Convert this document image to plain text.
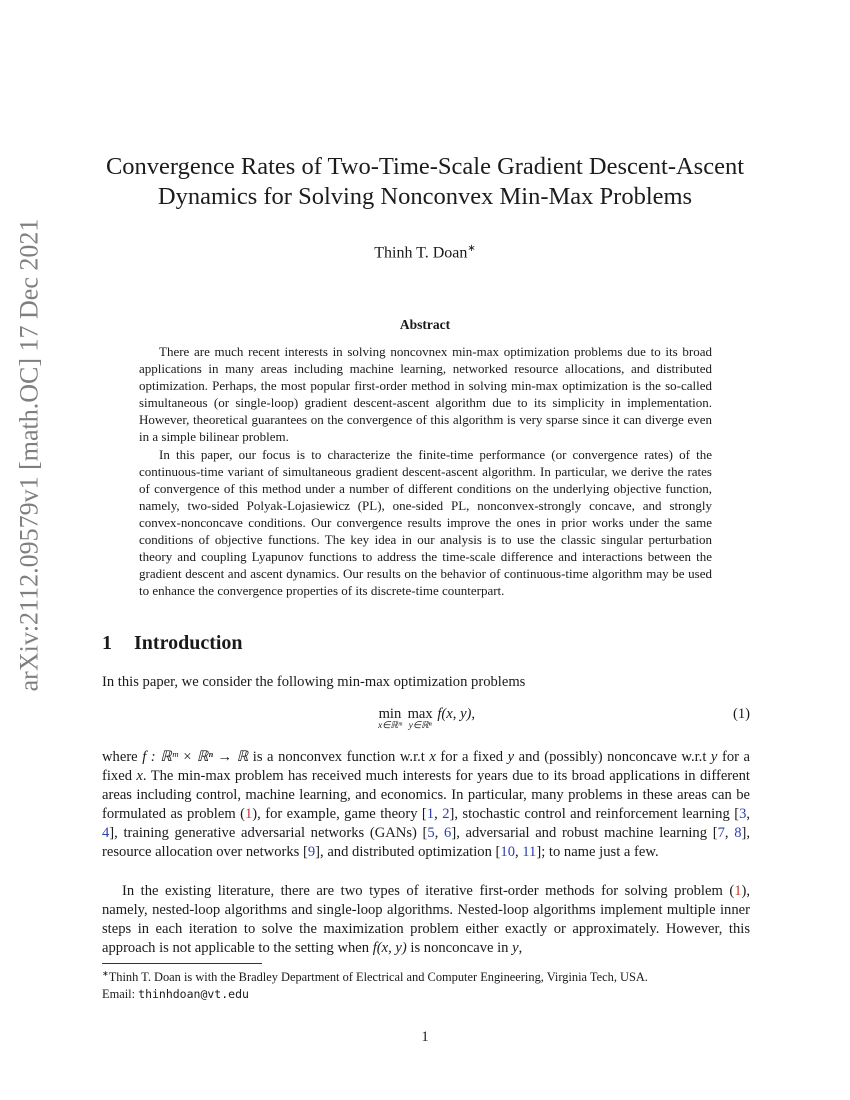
arXiv:2112.09579v1 [math.OC] 17 Dec 2021
Convergence Rates of Two-Time-Scale Gradient Descent-Ascent
Dynamics for Solving Nonconvex Min-Max Problems
Thinh T. Doan∗
Abstract

There are much recent interests in solving noncovnex min-max optimization problems due to its broad applications in many areas including machine learning, networked resource allocations, and distributed optimization. Perhaps, the most popular first-order method in solving min-max optimization is the so-called simultaneous (or single-loop) gradient descent-ascent algorithm due to its simplicity in implementation. However, theoretical guarantees on the convergence of this algorithm is very sparse since it can diverge even in a simple bilinear problem.

In this paper, our focus is to characterize the finite-time performance (or convergence rates) of the continuous-time variant of simultaneous gradient descent-ascent algorithm. In particular, we derive the rates of convergence of this method under a number of different conditions on the underlying objective function, namely, two-sided Polyak-Lojasiewicz (PL), one-sided PL, nonconvex-strongly concave, and strongly convex-nonconcave conditions. Our convergence results improve the ones in prior works under the same conditions of objective functions. The key idea in our analysis is to use the classic singular perturbation theory and coupling Lyapunov functions to address the time-scale difference and interactions between the gradient descent and ascent dynamics. Our results on the behavior of continuous-time algorithm may be used to enhance the convergence properties of its discrete-time counterpart.

1 Introduction
In this paper, we consider the following min-max optimization problems
min
x∈ℝᵐ

max
y∈ℝⁿ
f(x, y),	(1)

where f : ℝᵐ × ℝⁿ → ℝ is a nonconvex function w.r.t x for a fixed y and (possibly) nonconcave w.r.t y for a fixed x. The min-max problem has received much interests for years due to its broad applications in different areas including control, machine learning, and economics. In particular, many problems in these areas can be formulated as problem (1), for example, game theory [1, 2], stochastic control and reinforcement learning [3, 4], training generative adversarial networks (GANs) [5, 6], adversarial and robust machine learning [7, 8], resource allocation over networks [9], and distributed optimization [10, 11]; to name just a few.

In the existing literature, there are two types of iterative first-order methods for solving problem (1), namely, nested-loop algorithms and single-loop algorithms. Nested-loop algorithms implement multiple inner steps in each iteration to solve the maximization problem either exactly or approximately. However, this approach is not applicable to the setting when f(x, y) is nonconcave in y,

∗Thinh T. Doan is with the Bradley Department of Electrical and Computer Engineering, Virginia Tech, USA.
Email: thinhdoan@vt.edu
1
